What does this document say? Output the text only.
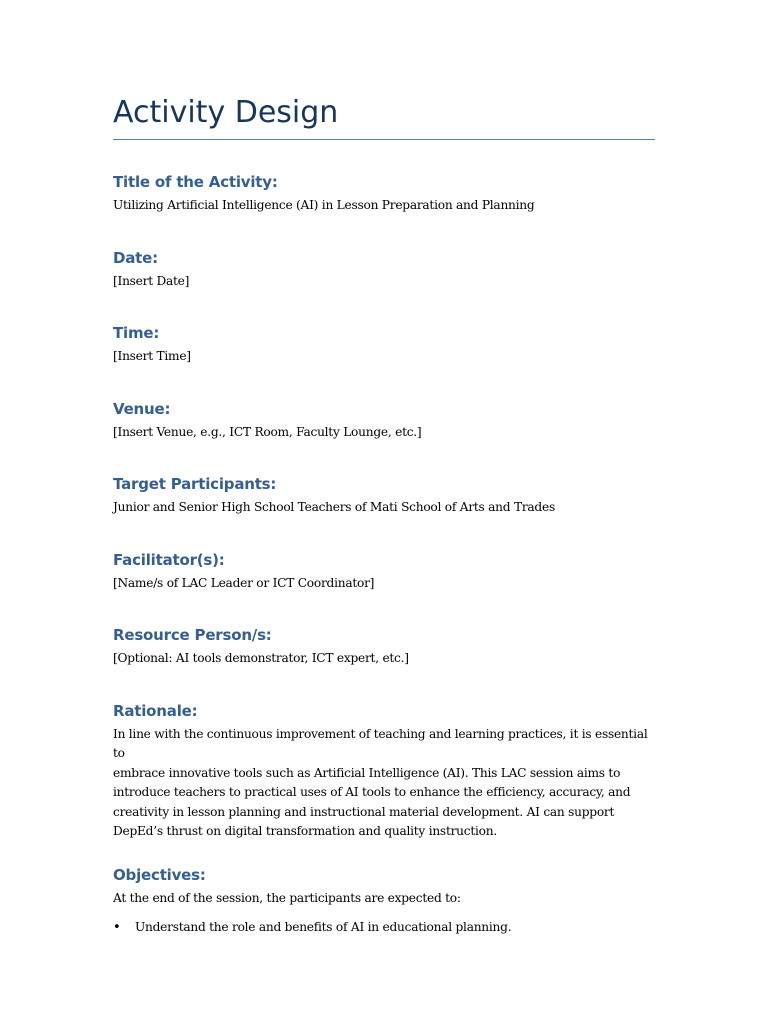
Activity Design
Title of the Activity:

Utilizing Artificial Intelligence (AI) in Lesson Preparation and Planning

Date:

[Insert Date]

Time:

[Insert Time]

Venue:

[Insert Venue, e.g., ICT Room, Faculty Lounge, etc.]

Target Participants:

Junior and Senior High School Teachers of Mati School of Arts and Trades

Facilitator(s):

[Name/s of LAC Leader or ICT Coordinator]

Resource Person/s:

[Optional: AI tools demonstrator, ICT expert, etc.]

Rationale:

In line with the continuous improvement of teaching and learning practices, it is essential to
embrace innovative tools such as Artificial Intelligence (AI). This LAC session aims to
introduce teachers to practical uses of AI tools to enhance the efficiency, accuracy, and
creativity in lesson planning and instructional material development. AI can support
DepEd’s thrust on digital transformation and quality instruction.

Objectives:

At the end of the session, the participants are expected to:

• Understand the role and benefits of AI in educational planning.
